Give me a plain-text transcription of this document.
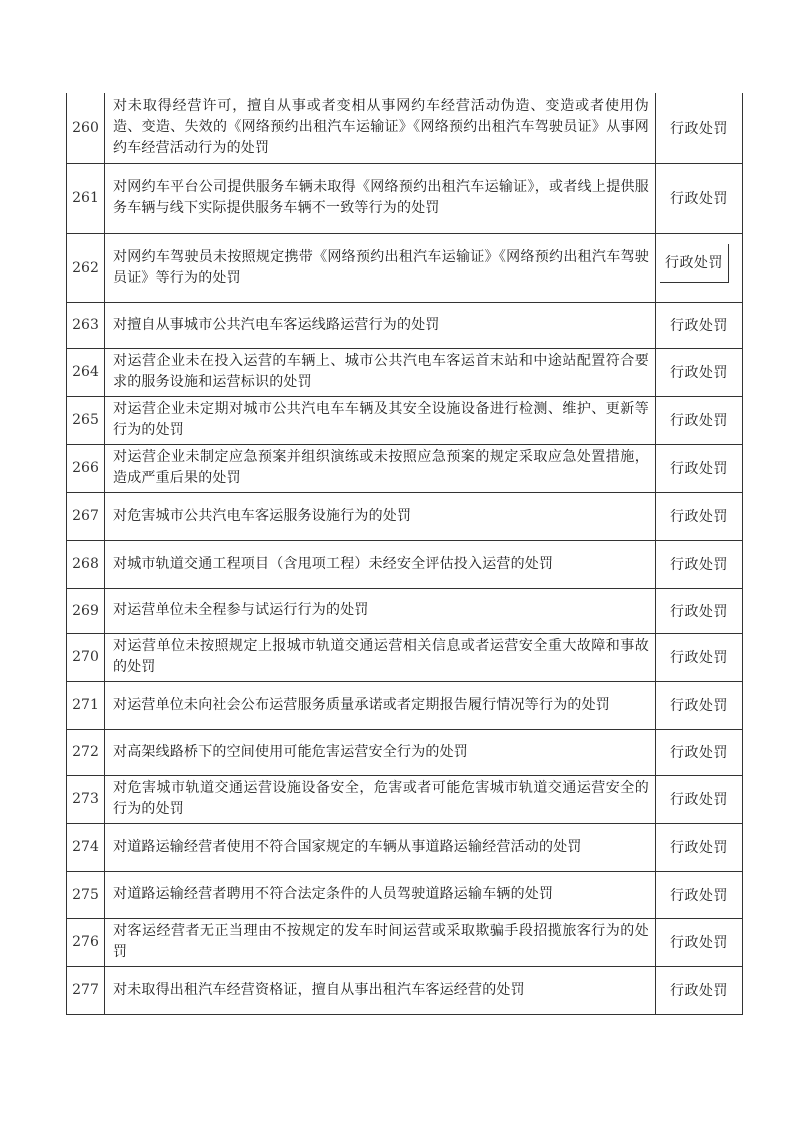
260	对未取得经营许可，擅自从事或者变相从事网约车经营活动伪造、变造或者使用伪造、变造、失效的《网络预约出租汽车运输证》《网络预约出租汽车驾驶员证》从事网约车经营活动行为的处罚	行政处罚
261	对网约车平台公司提供服务车辆未取得《网络预约出租汽车运输证》，或者线上提供服务车辆与线下实际提供服务车辆不一致等行为的处罚	行政处罚
262	对网约车驾驶员未按照规定携带《网络预约出租汽车运输证》《网络预约出租汽车驾驶员证》等行为的处罚	行政处罚

263	对擅自从事城市公共汽电车客运线路运营行为的处罚	行政处罚
264	对运营企业未在投入运营的车辆上、城市公共汽电车客运首末站和中途站配置符合要求的服务设施和运营标识的处罚	行政处罚
265	对运营企业未定期对城市公共汽电车车辆及其安全设施设备进行检测、维护、更新等行为的处罚	行政处罚
266	对运营企业未制定应急预案并组织演练或未按照应急预案的规定采取应急处置措施，造成严重后果的处罚	行政处罚
267	对危害城市公共汽电车客运服务设施行为的处罚	行政处罚
268	对城市轨道交通工程项目（含甩项工程）未经安全评估投入运营的处罚	行政处罚
269	对运营单位未全程参与试运行行为的处罚	行政处罚
270	对运营单位未按照规定上报城市轨道交通运营相关信息或者运营安全重大故障和事故的处罚	行政处罚
271	对运营单位未向社会公布运营服务质量承诺或者定期报告履行情况等行为的处罚	行政处罚
272	对高架线路桥下的空间使用可能危害运营安全行为的处罚	行政处罚
273	对危害城市轨道交通运营设施设备安全，危害或者可能危害城市轨道交通运营安全的行为的处罚	行政处罚
274	对道路运输经营者使用不符合国家规定的车辆从事道路运输经营活动的处罚	行政处罚
275	对道路运输经营者聘用不符合法定条件的人员驾驶道路运输车辆的处罚	行政处罚
276	对客运经营者无正当理由不按规定的发车时间运营或采取欺骗手段招揽旅客行为的处罚	行政处罚
277	对未取得出租汽车经营资格证，擅自从事出租汽车客运经营的处罚	行政处罚
